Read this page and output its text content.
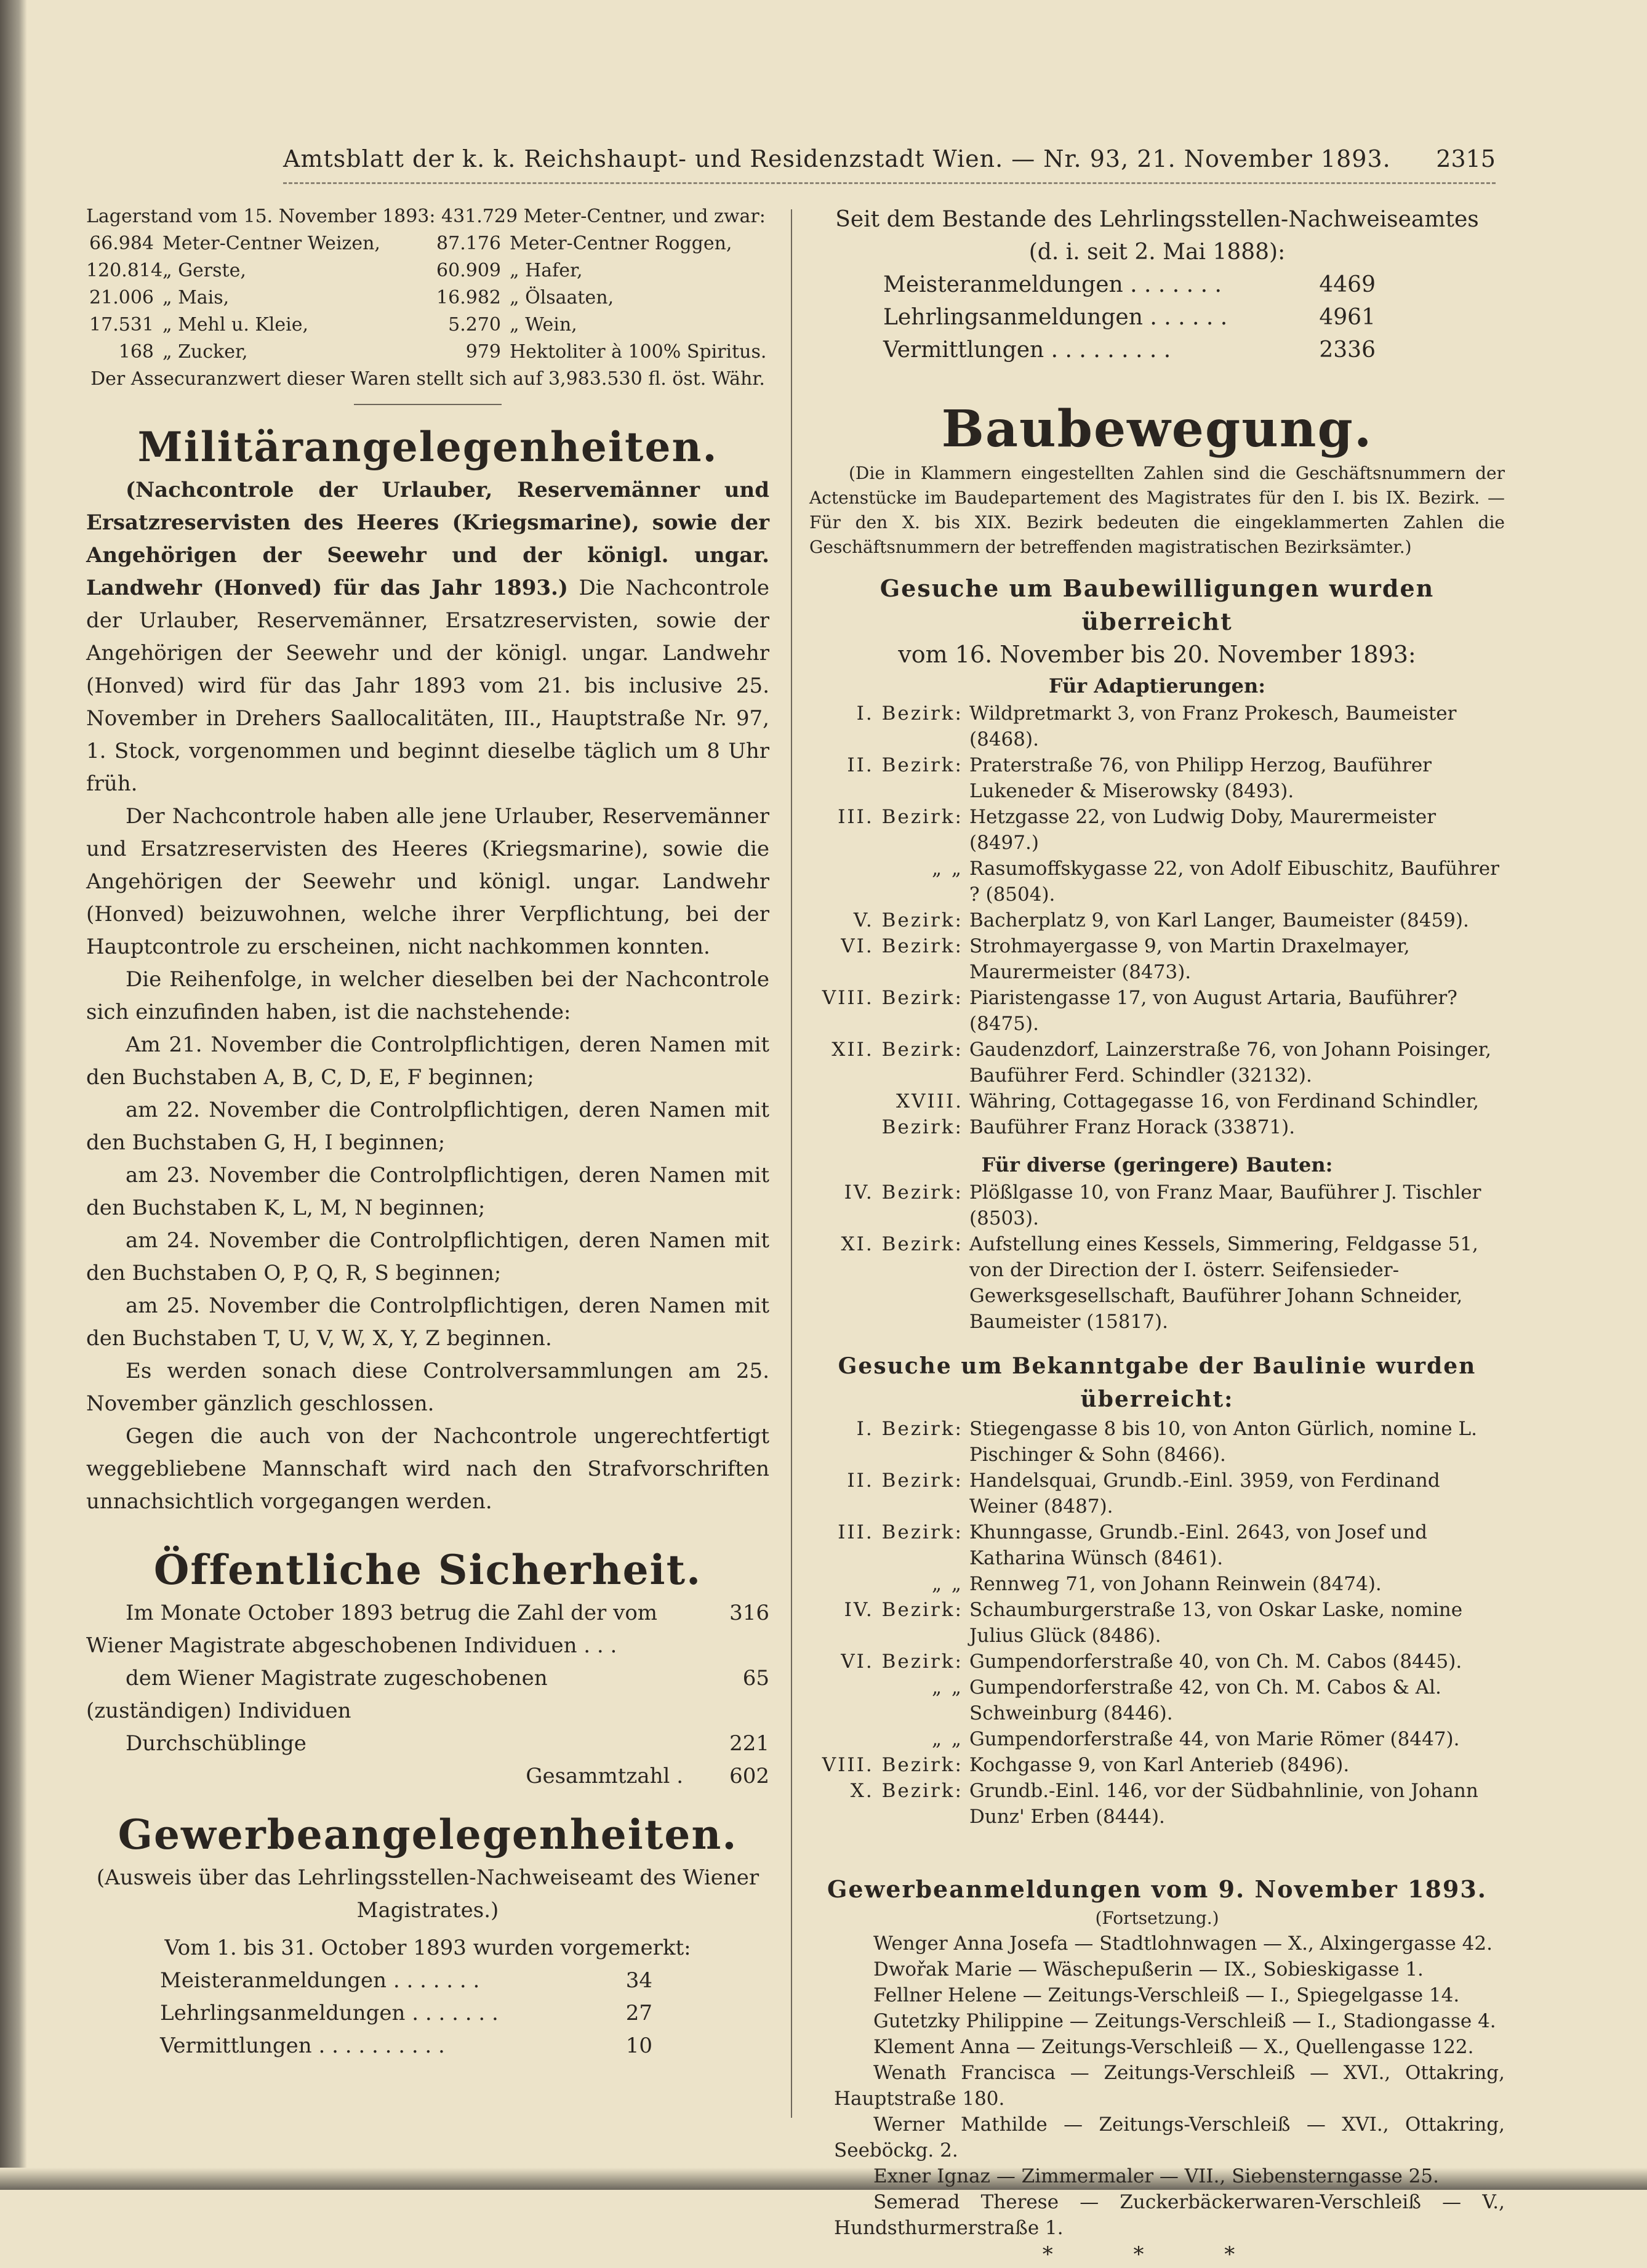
Amtsblatt der k. k. Reichshaupt- und Residenzstadt Wien. — Nr. 93, 21. November 1893. 2315
Lagerstand vom 15. November 1893: 431.729 Meter-Centner, und zwar:
66.984 Meter-Centner Weizen,	87.176 Meter-Centner Roggen,
120.814 „ Gerste,	60.909 „ Hafer,
21.006 „ Mais,	16.982 „ Ölsaaten,
17.531 „ Mehl u. Kleie,	5.270 „ Wein,
168 „ Zucker,	979 Hektoliter à 100% Spiritus.
Der Assecuranzwert dieser Waren stellt sich auf 3,983.530 fl. öst. Währ.
Militärangelegenheiten.

(Nachcontrole der Urlauber, Reservemänner und Ersatzreservisten des Heeres (Kriegsmarine), sowie der Angehörigen der Seewehr und der königl. ungar. Landwehr (Honved) für das Jahr 1893.) Die Nachcontrole der Urlauber, Reservemänner, Ersatzreservisten, sowie der Angehörigen der Seewehr und der königl. ungar. Landwehr (Honved) wird für das Jahr 1893 vom 21. bis inclusive 25. November in Drehers Saallocalitäten, III., Hauptstraße Nr. 97, 1. Stock, vorgenommen und beginnt dieselbe täglich um 8 Uhr früh.

Der Nachcontrole haben alle jene Urlauber, Reservemänner und Ersatzreservisten des Heeres (Kriegsmarine), sowie die Angehörigen der Seewehr und königl. ungar. Landwehr (Honved) beizuwohnen, welche ihrer Verpflichtung, bei der Hauptcontrole zu erscheinen, nicht nachkommen konnten.

Die Reihenfolge, in welcher dieselben bei der Nachcontrole sich einzufinden haben, ist die nachstehende:

Am 21. November die Controlpflichtigen, deren Namen mit den Buchstaben A, B, C, D, E, F beginnen;

am 22. November die Controlpflichtigen, deren Namen mit den Buchstaben G, H, I beginnen;

am 23. November die Controlpflichtigen, deren Namen mit den Buchstaben K, L, M, N beginnen;

am 24. November die Controlpflichtigen, deren Namen mit den Buchstaben O, P, Q, R, S beginnen;

am 25. November die Controlpflichtigen, deren Namen mit den Buchstaben T, U, V, W, X, Y, Z beginnen.

Es werden sonach diese Controlversammlungen am 25. November gänzlich geschlossen.

Gegen die auch von der Nachcontrole ungerechtfertigt weggebliebene Mannschaft wird nach den Strafvorschriften unnachsichtlich vorgegangen werden.

Öffentliche Sicherheit.
Im Monate October 1893 betrug die Zahl der vom Wiener Magistrate abgeschobenen Individuen . . .
316
dem Wiener Magistrate zugeschobenen (zuständigen) Individuen
65
Durchschüblinge	221
Gesammtzahl .	602
Gewerbeangelegenheiten.

(Ausweis über das Lehrlingsstellen-Nachweiseamt des Wiener Magistrates.)

Vom 1. bis 31. October 1893 wurden vorgemerkt:

Meisteranmeldungen . . . . . . .	34
Lehrlingsanmeldungen . . . . . . .	27
Vermittlungen . . . . . . . . . .	10

Seit dem Bestande des Lehrlingsstellen-Nachweiseamtes

(d. i. seit 2. Mai 1888):

Meisteranmeldungen . . . . . . .	4469
Lehrlingsanmeldungen . . . . . .	4961
Vermittlungen . . . . . . . . .	2336
Baubewegung.

(Die in Klammern eingestellten Zahlen sind die Geschäftsnummern der Actenstücke im Baudepartement des Magistrates für den I. bis IX. Bezirk. — Für den X. bis XIX. Bezirk bedeuten die eingeklammerten Zahlen die Geschäftsnummern der betreffenden magistratischen Bezirksämter.)

Gesuche um Baubewilligungen wurden überreicht

vom 16. November bis 20. November 1893:

Für Adaptierungen:
I. Bezirk: Wildpretmarkt 3, von Franz Prokesch, Baumeister (8468).
II. Bezirk: Praterstraße 76, von Philipp Herzog, Bauführer Lukeneder & Miserowsky (8493).
III. Bezirk: Hetzgasse 22, von Ludwig Doby, Maurermeister (8497.)
„ „ Rasumoffskygasse 22, von Adolf Eibuschitz, Bauführer ? (8504).
V. Bezirk: Bacherplatz 9, von Karl Langer, Baumeister (8459).
VI. Bezirk: Strohmayergasse 9, von Martin Draxelmayer, Maurermeister (8473).
VIII. Bezirk: Piaristengasse 17, von August Artaria, Bauführer? (8475).
XII. Bezirk: Gaudenzdorf, Lainzerstraße 76, von Johann Poisinger, Bauführer Ferd. Schindler (32132).
XVIII. Bezirk:
Währing, Cottagegasse 16, von Ferdinand Schindler, Bauführer Franz Horack (33871).
Für diverse (geringere) Bauten:
IV. Bezirk: Plößlgasse 10, von Franz Maar, Bauführer J. Tischler (8503).
XI. Bezirk: Aufstellung eines Kessels, Simmering, Feldgasse 51, von der Direction der I. österr. Seifensieder-Gewerksgesellschaft, Bauführer Johann Schneider, Baumeister (15817).
Gesuche um Bekanntgabe der Baulinie wurden überreicht:
I. Bezirk: Stiegengasse 8 bis 10, von Anton Gürlich, nomine L. Pischinger & Sohn (8466).
II. Bezirk: Handelsquai, Grundb.-Einl. 3959, von Ferdinand Weiner (8487).
III. Bezirk: Khunngasse, Grundb.-Einl. 2643, von Josef und Katharina Wünsch (8461).
„ „ Rennweg 71, von Johann Reinwein (8474).
IV. Bezirk: Schaumburgerstraße 13, von Oskar Laske, nomine Julius Glück (8486).
VI. Bezirk: Gumpendorferstraße 40, von Ch. M. Cabos (8445).
„ „ Gumpendorferstraße 42, von Ch. M. Cabos & Al. Schweinburg (8446).
„ „ Gumpendorferstraße 44, von Marie Römer (8447).
VIII. Bezirk: Kochgasse 9, von Karl Anterieb (8496).
X. Bezirk: Grundb.-Einl. 146, vor der Südbahnlinie, von Johann Dunz' Erben (8444).
Gewerbeanmeldungen vom 9. November 1893.

(Fortsetzung.)

Wenger Anna Josefa — Stadtlohnwagen — X., Alxingergasse 42.

Dwořak Marie — Wäschepußerin — IX., Sobieskigasse 1.

Fellner Helene — Zeitungs-Verschleiß — I., Spiegelgasse 14.

Gutetzky Philippine — Zeitungs-Verschleiß — I., Stadiongasse 4.

Klement Anna — Zeitungs-Verschleiß — X., Quellengasse 122.

Wenath Francisca — Zeitungs-Verschleiß — XVI., Ottakring, Hauptstraße 180.

Werner Mathilde — Zeitungs-Verschleiß — XVI., Ottakring, Seeböckg. 2.

Exner Ignaz — Zimmermaler — VII., Siebensterngasse 25.

Semerad Therese — Zuckerbäckerwaren-Verschleiß — V., Hundsthurmerstraße 1.

* * *
